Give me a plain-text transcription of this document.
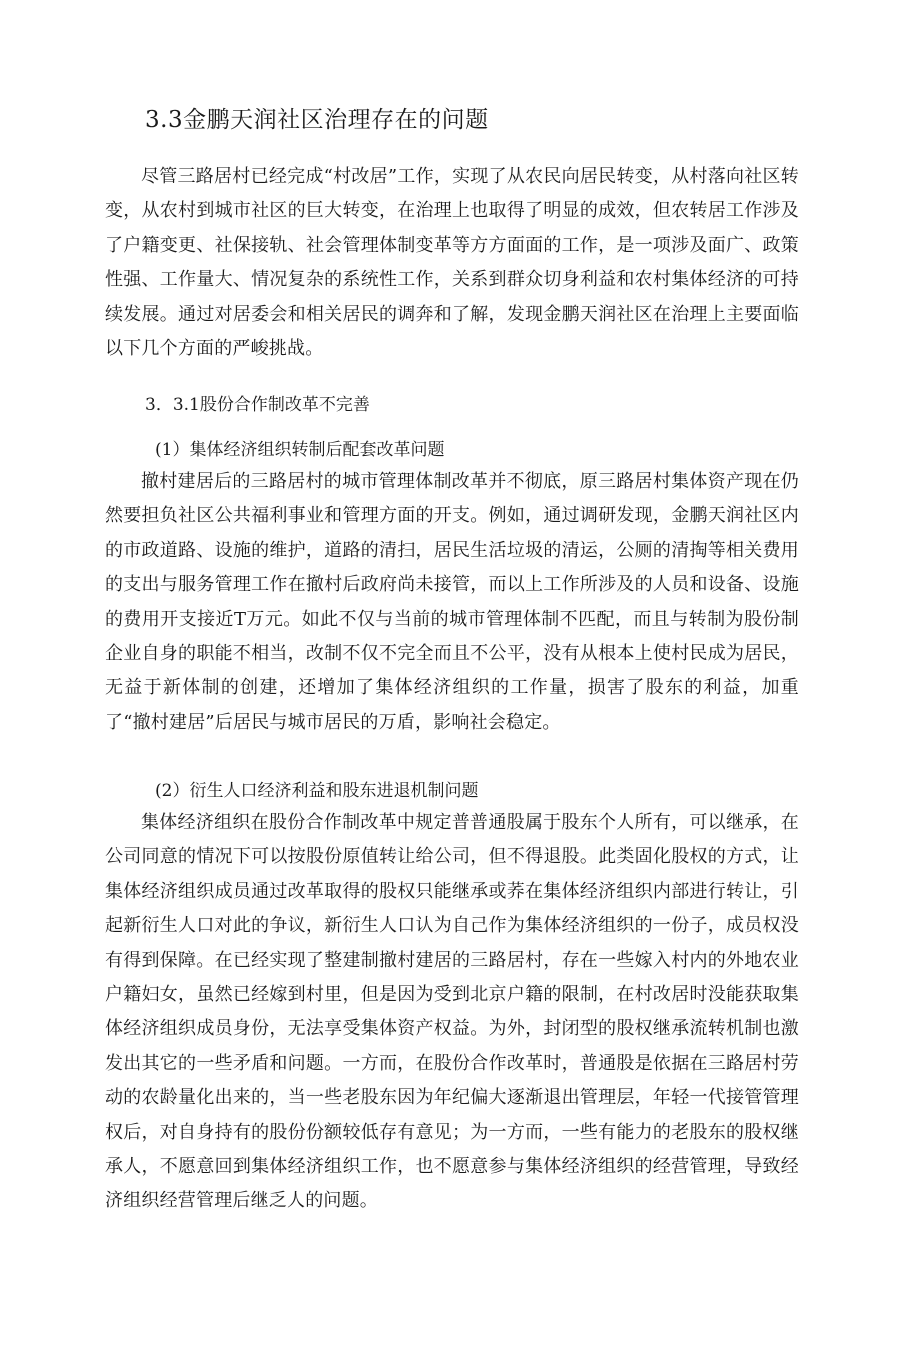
3.3金鹏天润社区治理存在的问题
尽管三路居村已经完成“村改居”工作，实现了从农民向居民转变，从村落向社区转变，从农村到城市社区的巨大转变，在治理上也取得了明显的成效，但农转居工作涉及了户籍变更、社保接轨、社会管理体制变革等方方面面的工作，是一项涉及面广、政策性强、工作量大、情况复杂的系统性工作，关系到群众切身利益和农村集体经济的可持续发展。通过对居委会和相关居民的调奔和了解，发现金鹏天润社区在治理上主要面临以下几个方面的严峻挑战。
3．3.1股份合作制改革不完善
(1）集体经济组织转制后配套改革问题
撤村建居后的三路居村的城市管理体制改革并不彻底，原三路居村集体资产现在仍然要担负社区公共福利事业和管理方面的开支。例如，通过调研发现，金鹏天润社区内的市政道路、设施的维护，道路的清扫，居民生活垃圾的清运，公厕的清掏等相关费用的支出与服务管理工作在撤村后政府尚未接管，而以上工作所涉及的人员和设备、设施的费用开支接近T万元。如此不仅与当前的城市管理体制不匹配，而且与转制为股份制企业自身的职能不相当，改制不仅不完全而且不公平，没有从根本上使村民成为居民，无益于新体制的创建，还增加了集体经济组织的工作量，损害了股东的利益，加重了“撤村建居”后居民与城市居民的万盾，影响社会稳定。
(2）衍生人口经济利益和股东进退机制问题
集体经济组织在股份合作制改革中规定普普通股属于股东个人所有，可以继承，在公司同意的情况下可以按股份原值转让给公司，但不得退股。此类固化股权的方式，让集体经济组织成员通过改革取得的股权只能继承或荞在集体经济组织内部进行转让，引起新衍生人口对此的争议，新衍生人口认为自己作为集体经济组织的一份子，成员权没有得到保障。在已经实现了整建制撤村建居的三路居村，存在一些嫁入村内的外地农业户籍妇女，虽然已经嫁到村里，但是因为受到北京户籍的限制，在村改居时没能获取集体经济组织成员身份，无法享受集体资产权益。为外，封闭型的股权继承流转机制也激发出其它的一些矛盾和问题。一方而，在股份合作改革时，普通股是依据在三路居村劳动的农龄量化出来的，当一些老股东因为年纪偏大逐渐退出管理层，年轻一代接管管理权后，对自身持有的股份份额较低存有意见；为一方而，一些有能力的老股东的股权继承人，不愿意回到集体经济组织工作，也不愿意参与集体经济组织的经营管理，导致经济组织经营管理后继乏人的问题。
